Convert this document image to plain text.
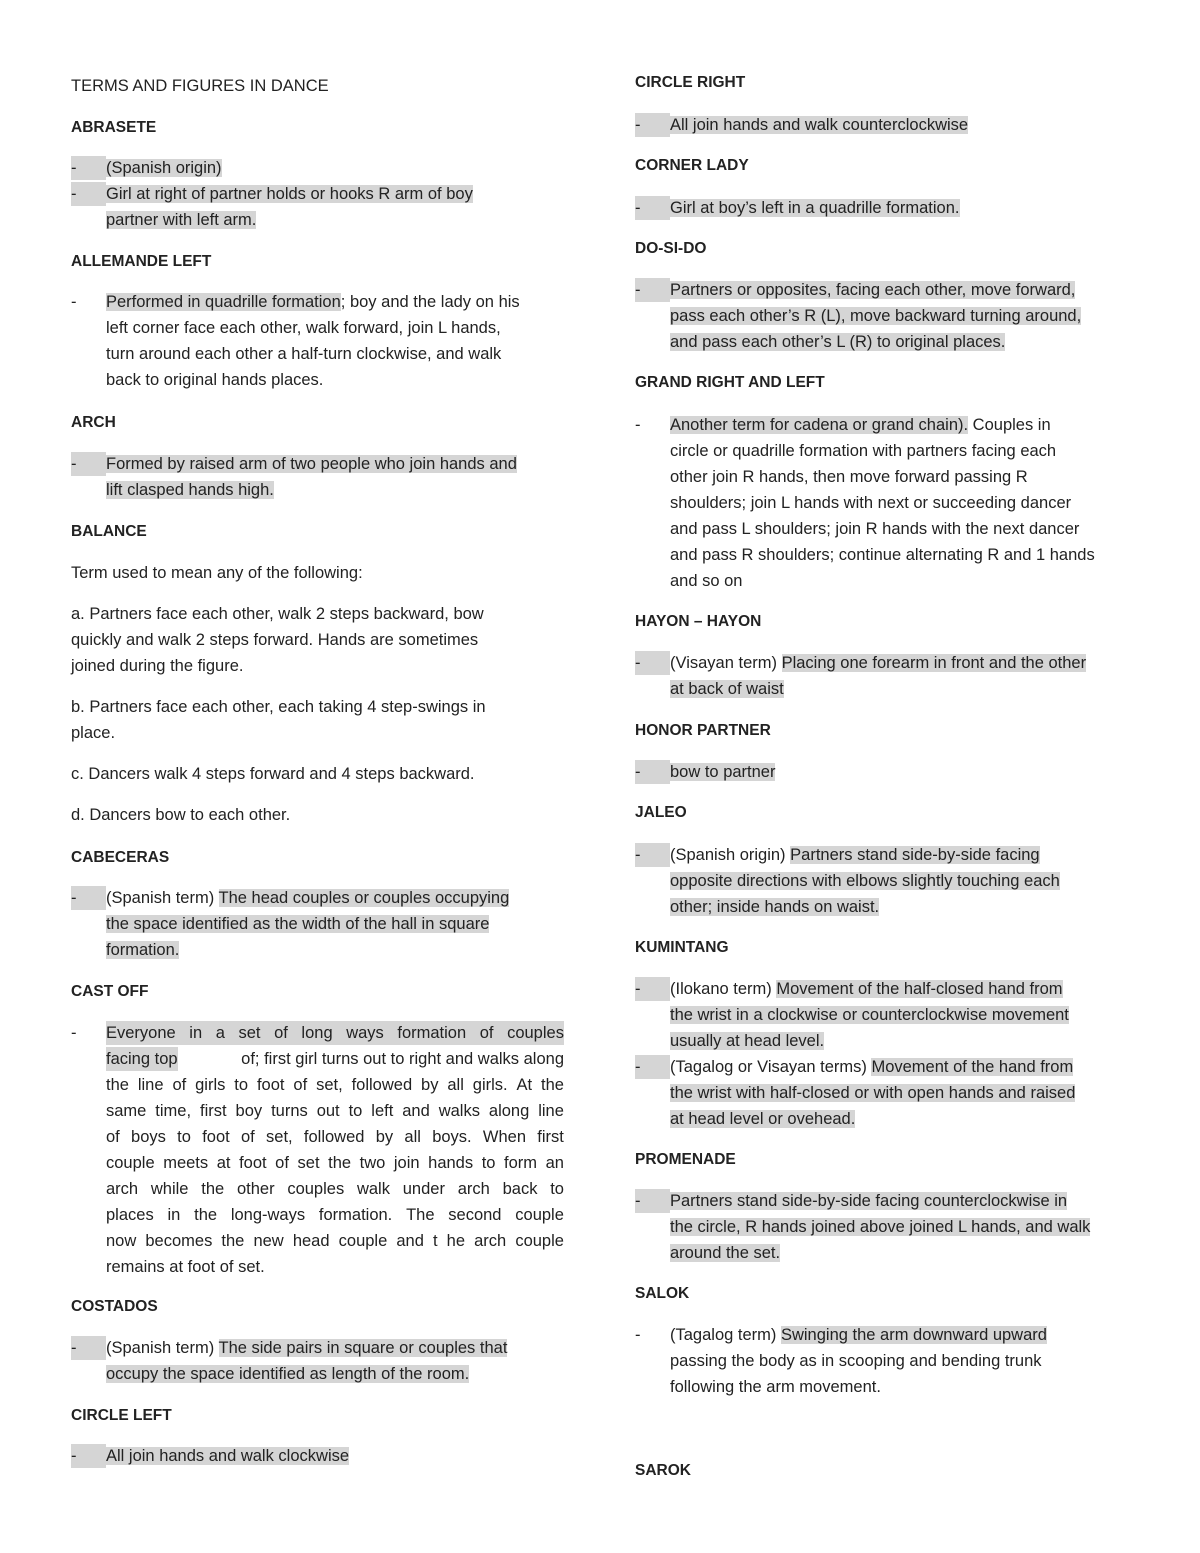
TERMS AND FIGURES IN DANCE
ABRASETE
-	(Spanish origin)
-	Girl at right of partner holds or hooks R arm of boy
partner with left arm.
ALLEMANDE LEFT
- Performed in quadrille formation; boy and the lady on his
left corner face each other, walk forward, join L hands,
turn around each other a half-turn clockwise, and walk
back to original hands places.
ARCH
-	Formed by raised arm of two people who join hands and
lift clasped hands high.
BALANCE
Term used to mean any of the following:
a. Partners face each other, walk 2 steps backward, bow
quickly and walk 2 steps forward. Hands are sometimes
joined during the figure.
b. Partners face each other, each taking 4 step-swings in
place.
c. Dancers walk 4 steps forward and 4 steps backward.
d. Dancers bow to each other.
CABECERAS
-	(Spanish term) The head couples or couples occupying
the space identified as the width of the hall in square
formation.
CAST OFF
- Everyone in a set of long ways formation of couples
facing top	of; first girl turns out to right and walks along
the line of girls to foot of set, followed by all girls. At the
same time, first boy turns out to left and walks along line
of boys to foot of set, followed by all boys. When first
couple meets at foot of set the two join hands to form an
arch while the other couples walk under arch back to
places in the long-ways formation. The second couple
now becomes the new head couple and t he arch couple
remains at foot of set.
COSTADOS
-	(Spanish term) The side pairs in square or couples that
occupy the space identified as length of the room.
CIRCLE LEFT
-	All join hands and walk clockwise
CIRCLE RIGHT
-	All join hands and walk counterclockwise
CORNER LADY
-	Girl at boy’s left in a quadrille formation.
DO-SI-DO
-	Partners or opposites, facing each other, move forward,
pass each other’s R (L), move backward turning around,
and pass each other’s L (R) to original places.
GRAND RIGHT AND LEFT
- Another term for cadena or grand chain). Couples in
circle or quadrille formation with partners facing each
other join R hands, then move forward passing R
shoulders; join L hands with next or succeeding dancer
and pass L shoulders; join R hands with the next dancer
and pass R shoulders; continue alternating R and 1 hands
and so on
HAYON – HAYON
-	(Visayan term) Placing one forearm in front and the other
at back of waist
HONOR PARTNER
-	bow to partner
JALEO
-	(Spanish origin) Partners stand side-by-side facing
opposite directions with elbows slightly touching each
other; inside hands on waist.
KUMINTANG
-	(Ilokano term) Movement of the half-closed hand from
the wrist in a clockwise or counterclockwise movement
usually at head level.
-	(Tagalog or Visayan terms) Movement of the hand from
the wrist with half-closed or with open hands and raised
at head level or ovehead.
PROMENADE
-	Partners stand side-by-side facing counterclockwise in
the circle, R hands joined above joined L hands, and walk
around the set.
SALOK
- (Tagalog term) Swinging the arm downward upward
passing the body as in scooping and bending trunk
following the arm movement.
SAROK
